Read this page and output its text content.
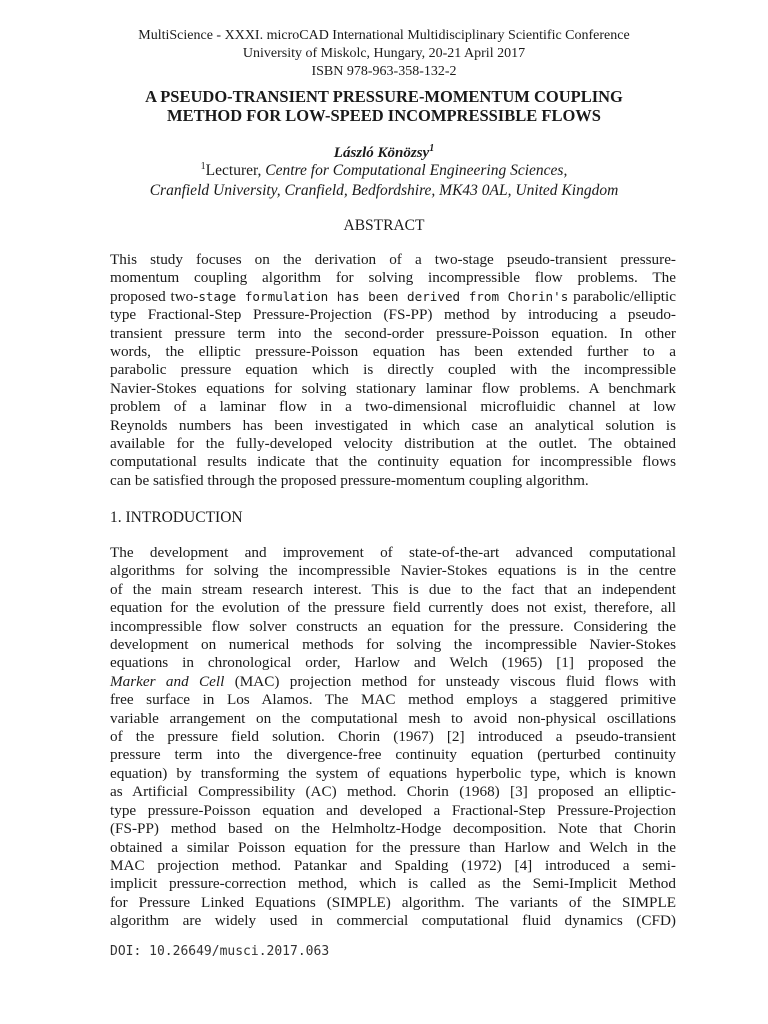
MultiScience - XXXI. microCAD International Multidisciplinary Scientific Conference
University of Miskolc, Hungary, 20-21 April 2017
ISBN 978-963-358-132-2
A PSEUDO-TRANSIENT PRESSURE-MOMENTUM COUPLING
METHOD FOR LOW-SPEED INCOMPRESSIBLE FLOWS
László Könözsy$^1$
$^1$Lecturer, Centre for Computational Engineering Sciences,
Cranfield University, Cranfield, Bedfordshire, MK43 0AL, United Kingdom
ABSTRACT
This study focuses on the derivation of a two-stage pseudo-transient pressure-
momentum coupling algorithm for solving incompressible flow problems. The
proposed two-stage formulation has been derived from Chorin's parabolic/elliptic
type Fractional-Step Pressure-Projection (FS-PP) method by introducing a pseudo-
transient pressure term into the second-order pressure-Poisson equation. In other
words, the elliptic pressure-Poisson equation has been extended further to a
parabolic pressure equation which is directly coupled with the incompressible
Navier-Stokes equations for solving stationary laminar flow problems. A benchmark
problem of a laminar flow in a two-dimensional microfluidic channel at low
Reynolds numbers has been investigated in which case an analytical solution is
available for the fully-developed velocity distribution at the outlet. The obtained
computational results indicate that the continuity equation for incompressible flows
can be satisfied through the proposed pressure-momentum coupling algorithm.
1. INTRODUCTION
The development and improvement of state-of-the-art advanced computational
algorithms for solving the incompressible Navier-Stokes equations is in the centre
of the main stream research interest. This is due to the fact that an independent
equation for the evolution of the pressure field currently does not exist, therefore, all
incompressible flow solver constructs an equation for the pressure. Considering the
development on numerical methods for solving the incompressible Navier-Stokes
equations in chronological order, Harlow and Welch (1965) [1] proposed the
Marker and Cell (MAC) projection method for unsteady viscous fluid flows with
free surface in Los Alamos. The MAC method employs a staggered primitive
variable arrangement on the computational mesh to avoid non-physical oscillations
of the pressure field solution. Chorin (1967) [2] introduced a pseudo-transient
pressure term into the divergence-free continuity equation (perturbed continuity
equation) by transforming the system of equations hyperbolic type, which is known
as Artificial Compressibility (AC) method. Chorin (1968) [3] proposed an elliptic-
type pressure-Poisson equation and developed a Fractional-Step Pressure-Projection
(FS-PP) method based on the Helmholtz-Hodge decomposition. Note that Chorin
obtained a similar Poisson equation for the pressure than Harlow and Welch in the
MAC projection method. Patankar and Spalding (1972) [4] introduced a semi-
implicit pressure-correction method, which is called as the Semi-Implicit Method
for Pressure Linked Equations (SIMPLE) algorithm. The variants of the SIMPLE
algorithm are widely used in commercial computational fluid dynamics (CFD)
DOI: 10.26649/musci.2017.063
